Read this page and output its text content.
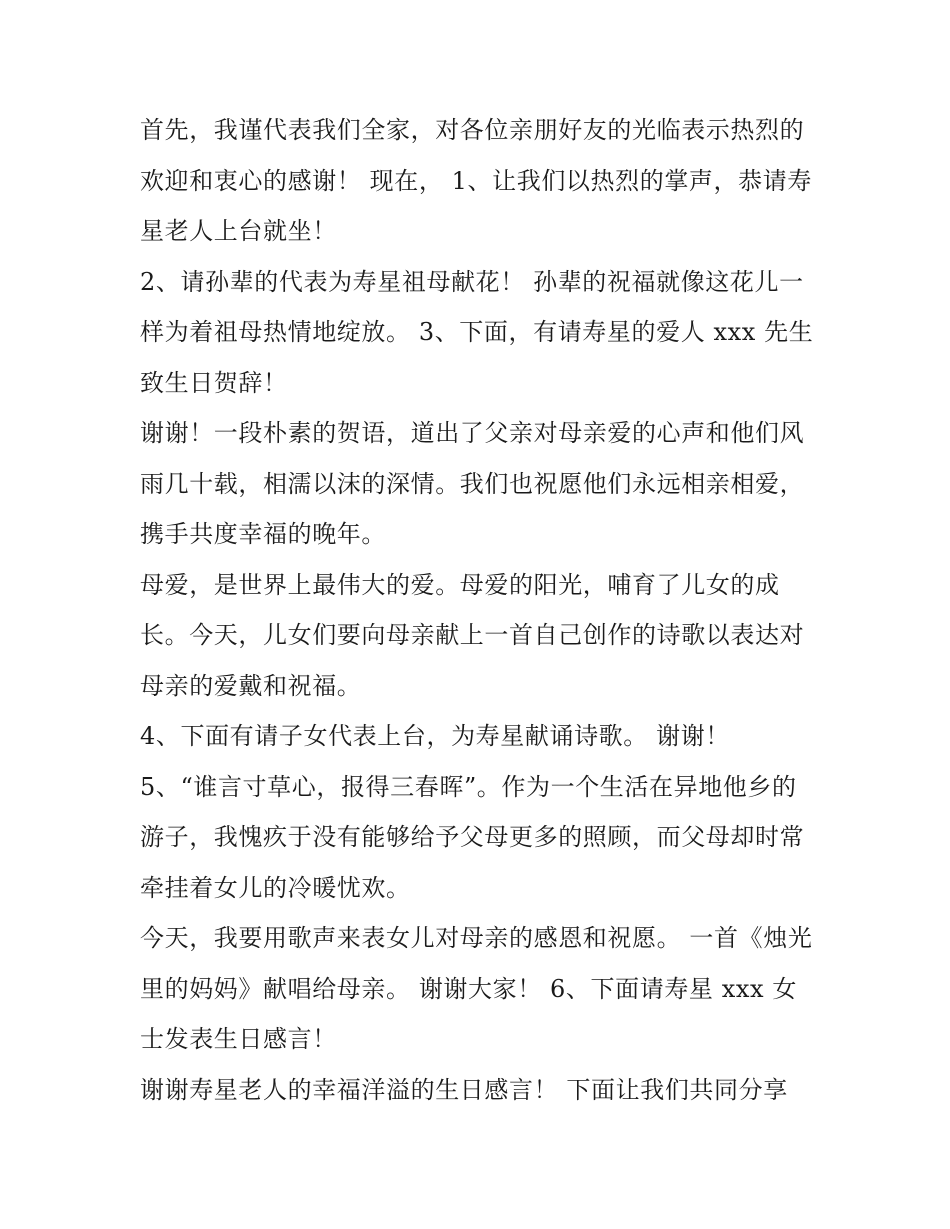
首先，我谨代表我们全家，对各位亲朋好友的光临表示热烈的欢迎和衷心的感谢！ 现在， 1、让我们以热烈的掌声，恭请寿星老人上台就坐！

2、请孙辈的代表为寿星祖母献花！ 孙辈的祝福就像这花儿一样为着祖母热情地绽放。 3、下面，有请寿星的爱人 xxx 先生致生日贺辞！

谢谢！一段朴素的贺语，道出了父亲对母亲爱的心声和他们风雨几十载，相濡以沫的深情。我们也祝愿他们永远相亲相爱，携手共度幸福的晚年。

母爱，是世界上最伟大的爱。母爱的阳光，哺育了儿女的成长。今天，儿女们要向母亲献上一首自己创作的诗歌以表达对母亲的爱戴和祝福。

4、下面有请子女代表上台，为寿星献诵诗歌。 谢谢！

5、“谁言寸草心，报得三春晖”。作为一个生活在异地他乡的游子，我愧疚于没有能够给予父母更多的照顾，而父母却时常牵挂着女儿的冷暖忧欢。

今天，我要用歌声来表女儿对母亲的感恩和祝愿。 一首《烛光里的妈妈》献唱给母亲。 谢谢大家！ 6、下面请寿星 xxx 女士发表生日感言！

谢谢寿星老人的幸福洋溢的生日感言！ 下面让我们共同分享
